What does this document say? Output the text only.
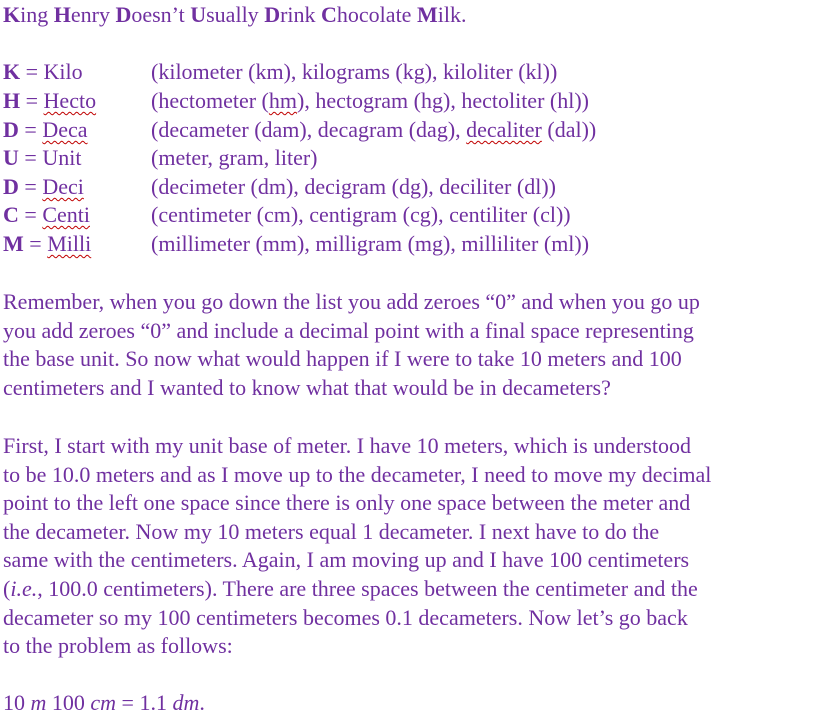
King Henry Doesn’t Usually Drink Chocolate Milk.
K = Kilo	(kilometer (km), kilograms (kg), kiloliter (kl))
H = Hecto (hectometer (hm), hectogram (hg), hectoliter (hl))
D = Deca	(decameter (dam), decagram (dag), decaliter (dal))
U = Unit	(meter, gram, liter)
D = Deci	(decimeter (dm), decigram (dg), deciliter (dl))
C = Centi	(centimeter (cm), centigram (cg), centiliter (cl))
M = Milli	(millimeter (mm), milligram (mg), milliliter (ml))
Remember, when you go down the list you add zeroes “0” and when you go up
you add zeroes “0” and include a decimal point with a final space representing
the base unit. So now what would happen if I were to take 10 meters and 100
centimeters and I wanted to know what that would be in decameters?
First, I start with my unit base of meter. I have 10 meters, which is understood
to be 10.0 meters and as I move up to the decameter, I need to move my decimal
point to the left one space since there is only one space between the meter and
the decameter. Now my 10 meters equal 1 decameter. I next have to do the
same with the centimeters. Again, I am moving up and I have 100 centimeters
(i.e., 100.0 centimeters). There are three spaces between the centimeter and the
decameter so my 100 centimeters becomes 0.1 decameters. Now let’s go back
to the problem as follows:
10 m 100 cm = 1.1 dm.
